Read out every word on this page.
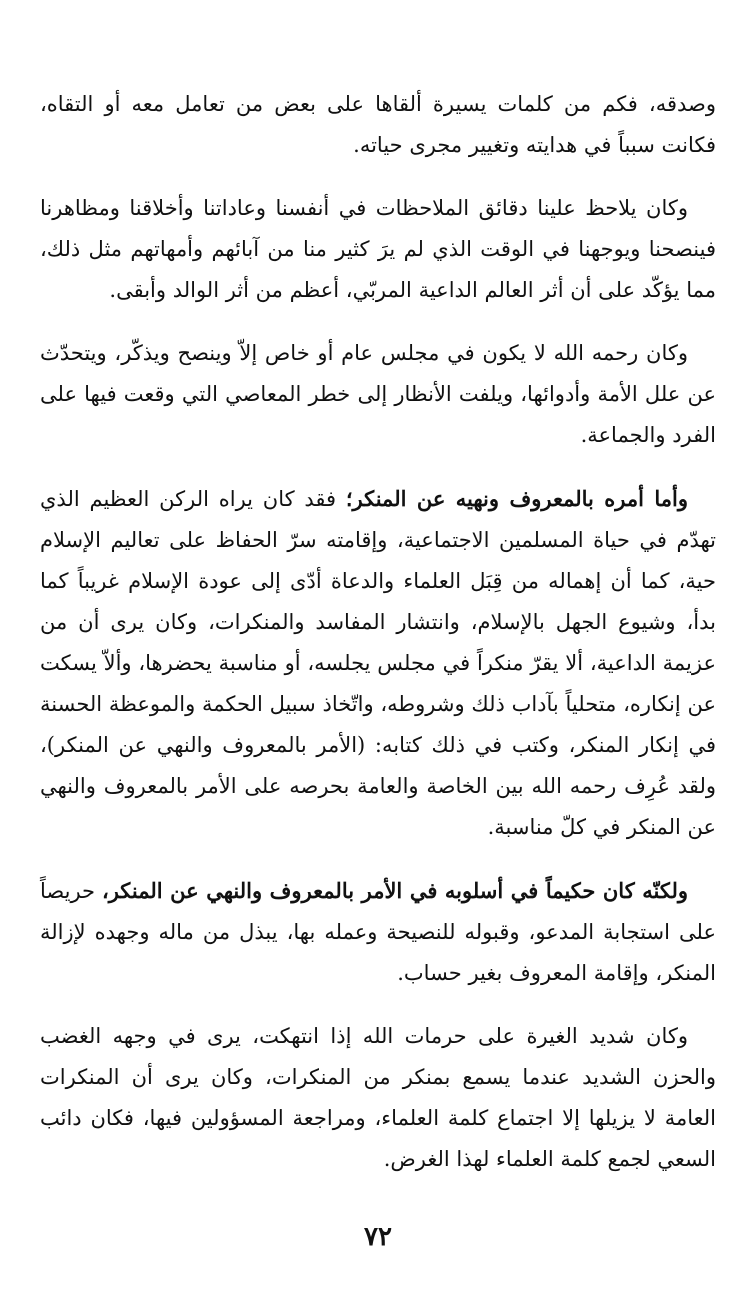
وصدقه، فكم من كلمات يسيرة ألقاها على بعض من تعامل معه أو التقاه، فكانت سبباً في هدايته وتغيير مجرى حياته.

وكان يلاحظ علينا دقائق الملاحظات في أنفسنا وعاداتنا وأخلاقنا ومظاهرنا فينصحنا ويوجهنا في الوقت الذي لم يرَ كثير منا من آبائهم وأمهاتهم مثل ذلك، مما يؤكّد على أن أثر العالم الداعية المربّي، أعظم من أثر الوالد وأبقى.

وكان رحمه الله لا يكون في مجلس عام أو خاص إلاّ وينصح ويذكّر، ويتحدّث عن علل الأمة وأدوائها، ويلفت الأنظار إلى خطر المعاصي التي وقعت فيها على الفرد والجماعة.

وأما أمره بالمعروف ونهيه عن المنكر؛ فقد كان يراه الركن العظيم الذي تهدّم في حياة المسلمين الاجتماعية، وإقامته سرّ الحفاظ على تعاليم الإسلام حية، كما أن إهماله من قِبَل العلماء والدعاة أدّى إلى عودة الإسلام غريباً كما بدأ، وشيوع الجهل بالإسلام، وانتشار المفاسد والمنكرات، وكان يرى أن من عزيمة الداعية، ألا يقرّ منكراً في مجلس يجلسه، أو مناسبة يحضرها، وألاّ يسكت عن إنكاره، متحلياً بآداب ذلك وشروطه، واتّخاذ سبيل الحكمة والموعظة الحسنة في إنكار المنكر، وكتب في ذلك كتابه: (الأمر بالمعروف والنهي عن المنكر)، ولقد عُرِف رحمه الله بين الخاصة والعامة بحرصه على الأمر بالمعروف والنهي عن المنكر في كلّ مناسبة.

ولكنّه كان حكيماً في أسلوبه في الأمر بالمعروف والنهي عن المنكر، حريصاً على استجابة المدعو، وقبوله للنصيحة وعمله بها، يبذل من ماله وجهده لإزالة المنكر، وإقامة المعروف بغير حساب.

وكان شديد الغيرة على حرمات الله إذا انتهكت، يرى في وجهه الغضب والحزن الشديد عندما يسمع بمنكر من المنكرات، وكان يرى أن المنكرات العامة لا يزيلها إلا اجتماع كلمة العلماء، ومراجعة المسؤولين فيها، فكان دائب السعي لجمع كلمة العلماء لهذا الغرض.

٧٢
